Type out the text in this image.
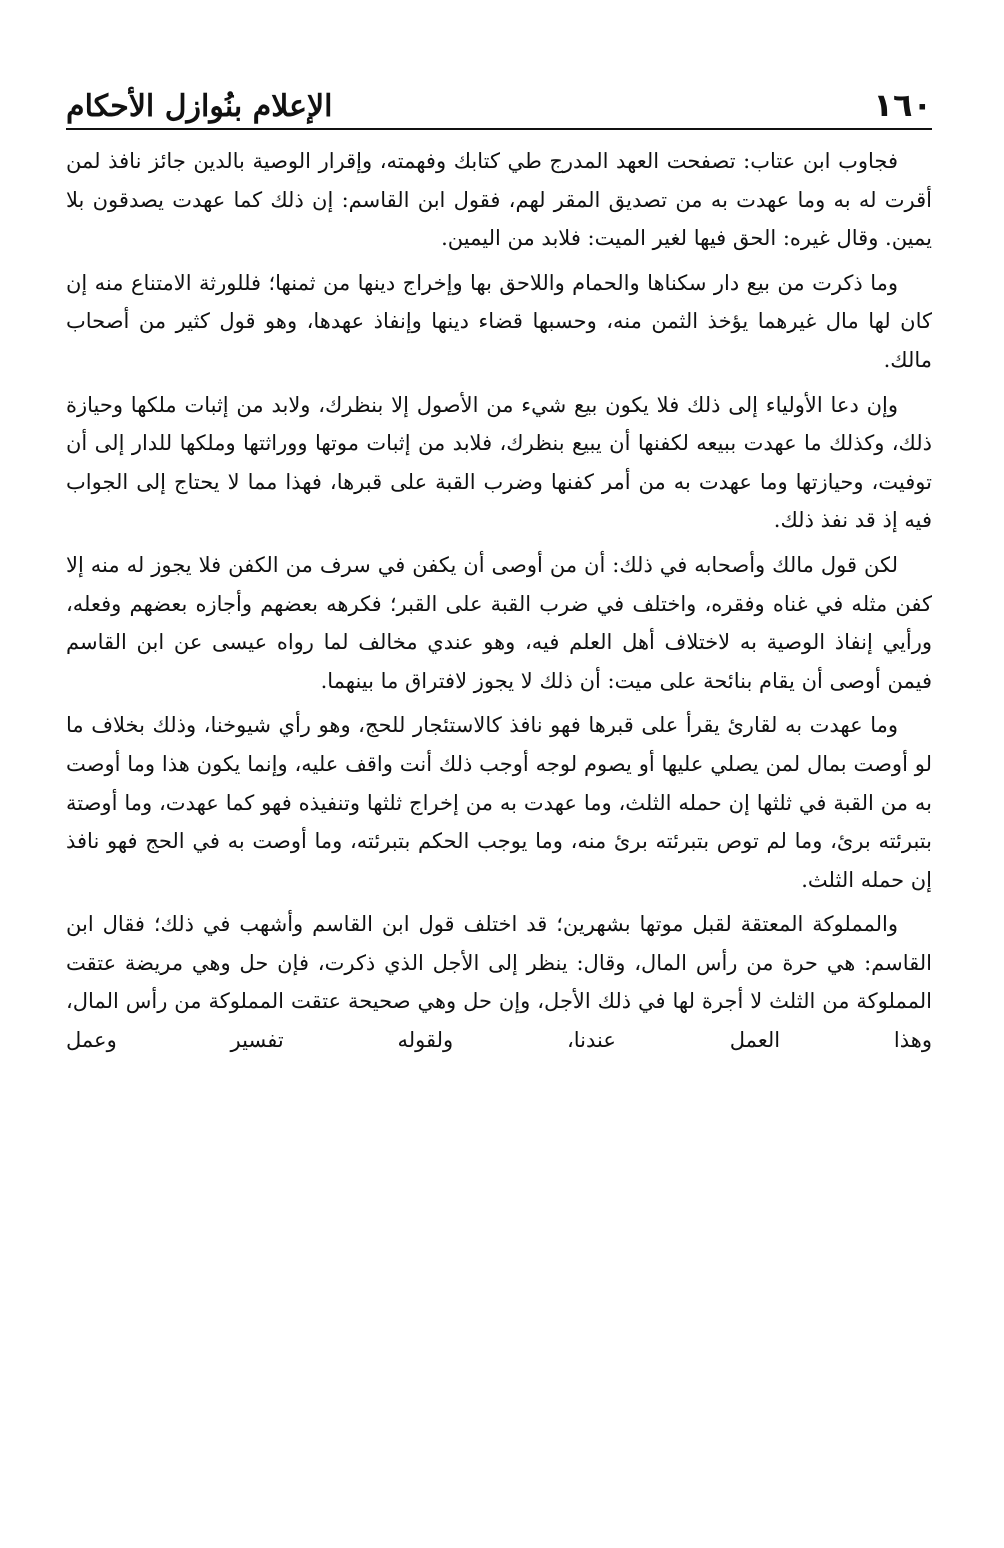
١٦٠
الإعلام بنُوازل الأحكام

فجاوب ابن عتاب: تصفحت العهد المدرج طي كتابك وفهمته، وإقرار الوصية بالدين جائز نافذ لمن أقرت له به وما عهدت به من تصديق المقر لهم، فقول ابن القاسم: إن ذلك كما عهدت يصدقون بلا يمين. وقال غيره: الحق فيها لغير الميت: فلابد من اليمين.

وما ذكرت من بيع دار سكناها والحمام واللاحق بها وإخراج دينها من ثمنها؛ فللورثة الامتناع منه إن كان لها مال غيرهما يؤخذ الثمن منه، وحسبها قضاء دينها وإنفاذ عهدها، وهو قول كثير من أصحاب مالك.

وإن دعا الأولياء إلى ذلك فلا يكون بيع شيء من الأصول إلا بنظرك، ولابد من إثبات ملكها وحيازة ذلك، وكذلك ما عهدت ببيعه لكفنها أن يبيع بنظرك، فلابد من إثبات موتها ووراثتها وملكها للدار إلى أن توفيت، وحيازتها وما عهدت به من أمر كفنها وضرب القبة على قبرها، فهذا مما لا يحتاج إلى الجواب فيه إذ قد نفذ ذلك.

لكن قول مالك وأصحابه في ذلك: أن من أوصى أن يكفن في سرف من الكفن فلا يجوز له منه إلا كفن مثله في غناه وفقره، واختلف في ضرب القبة على القبر؛ فكرهه بعضهم وأجازه بعضهم وفعله، ورأيي إنفاذ الوصية به لاختلاف أهل العلم فيه، وهو عندي مخالف لما رواه عيسى عن ابن القاسم فيمن أوصى أن يقام بنائحة على ميت: أن ذلك لا يجوز لافتراق ما بينهما.

وما عهدت به لقارئ يقرأ على قبرها فهو نافذ كالاستئجار للحج، وهو رأي شيوخنا، وذلك بخلاف ما لو أوصت بمال لمن يصلي عليها أو يصوم لوجه أوجب ذلك أنت واقف عليه، وإنما يكون هذا وما أوصت به من القبة في ثلثها إن حمله الثلث، وما عهدت به من إخراج ثلثها وتنفيذه فهو كما عهدت، وما أوصتة بتبرئته برئ، وما لم توص بتبرئته برئ منه، وما يوجب الحكم بتبرئته، وما أوصت به في الحج فهو نافذ إن حمله الثلث.

والمملوكة المعتقة لقبل موتها بشهرين؛ قد اختلف قول ابن القاسم وأشهب في ذلك؛ فقال ابن القاسم: هي حرة من رأس المال، وقال: ينظر إلى الأجل الذي ذكرت، فإن حل وهي مريضة عتقت المملوكة من الثلث لا أجرة لها في ذلك الأجل، وإن حل وهي صحيحة عتقت المملوكة من رأس المال، وهذا العمل عندنا، ولقوله تفسير وعمل
